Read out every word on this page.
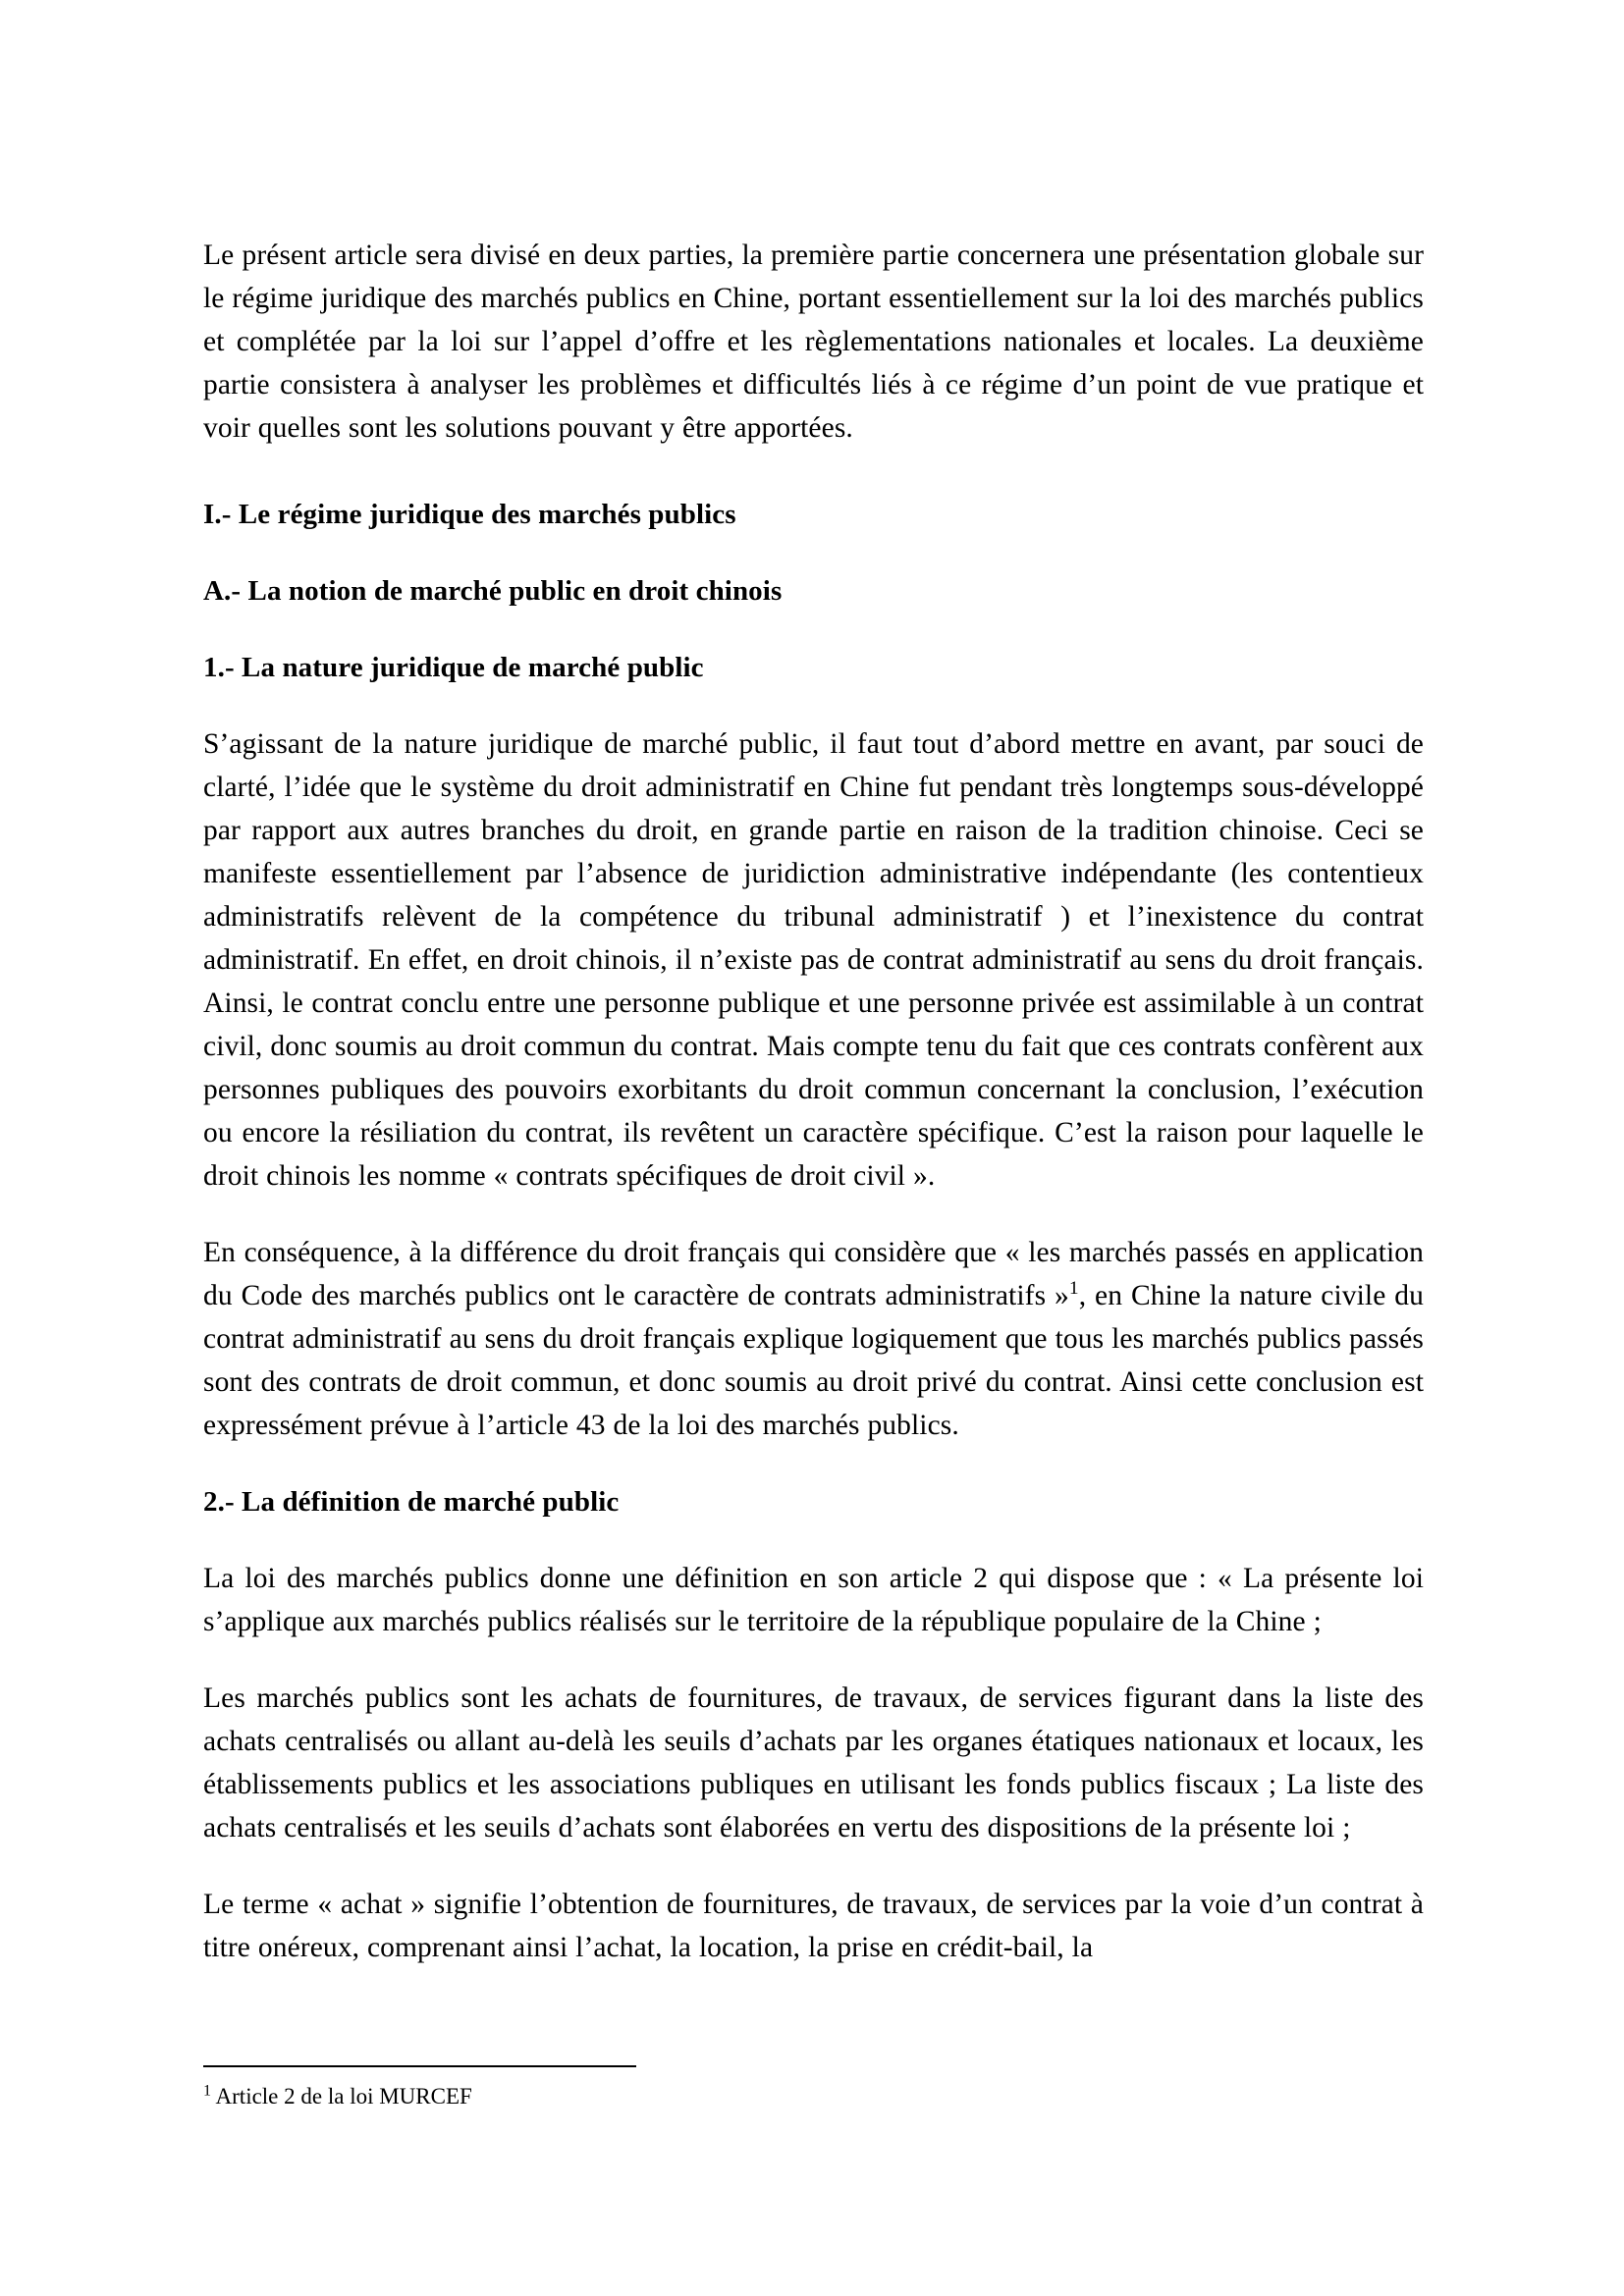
Le présent article sera divisé en deux parties, la première partie concernera une présentation globale sur le régime juridique des marchés publics en Chine, portant essentiellement sur la loi des marchés publics et complétée par la loi sur l’appel d’offre et les règlementations nationales et locales. La deuxième partie consistera à analyser les problèmes et difficultés liés à ce régime d’un point de vue pratique et voir quelles sont les solutions pouvant y être apportées.

I.- Le régime juridique des marchés publics
A.- La notion de marché public en droit chinois
1.- La nature juridique de marché public

S’agissant de la nature juridique de marché public, il faut tout d’abord mettre en avant, par souci de clarté, l’idée que le système du droit administratif en Chine fut pendant très longtemps sous-développé par rapport aux autres branches du droit, en grande partie en raison de la tradition chinoise. Ceci se manifeste essentiellement par l’absence de juridiction administrative indépendante (les contentieux administratifs relèvent de la compétence du tribunal administratif ) et l’inexistence du contrat administratif. En effet, en droit chinois, il n’existe pas de contrat administratif au sens du droit français. Ainsi, le contrat conclu entre une personne publique et une personne privée est assimilable à un contrat civil, donc soumis au droit commun du contrat. Mais compte tenu du fait que ces contrats confèrent aux personnes publiques des pouvoirs exorbitants du droit commun concernant la conclusion, l’exécution ou encore la résiliation du contrat, ils revêtent un caractère spécifique. C’est la raison pour laquelle le droit chinois les nomme « contrats spécifiques de droit civil ».

En conséquence, à la différence du droit français qui considère que « les marchés passés en application du Code des marchés publics ont le caractère de contrats administratifs »$^1$, en Chine la nature civile du contrat administratif au sens du droit français explique logiquement que tous les marchés publics passés sont des contrats de droit commun, et donc soumis au droit privé du contrat. Ainsi cette conclusion est expressément prévue à l’article 43 de la loi des marchés publics.

2.- La définition de marché public

La loi des marchés publics donne une définition en son article 2 qui dispose que : « La présente loi s’applique aux marchés publics réalisés sur le territoire de la république populaire de la Chine ;

Les marchés publics sont les achats de fournitures, de travaux, de services figurant dans la liste des achats centralisés ou allant au-delà les seuils d’achats par les organes étatiques nationaux et locaux, les établissements publics et les associations publiques en utilisant les fonds publics fiscaux ; La liste des achats centralisés et les seuils d’achats sont élaborées en vertu des dispositions de la présente loi ;

Le terme « achat » signifie l’obtention de fournitures, de travaux, de services par la voie d’un contrat à titre onéreux, comprenant ainsi l’achat, la location, la prise en crédit-bail, la

$^1$ Article 2 de la loi MURCEF
